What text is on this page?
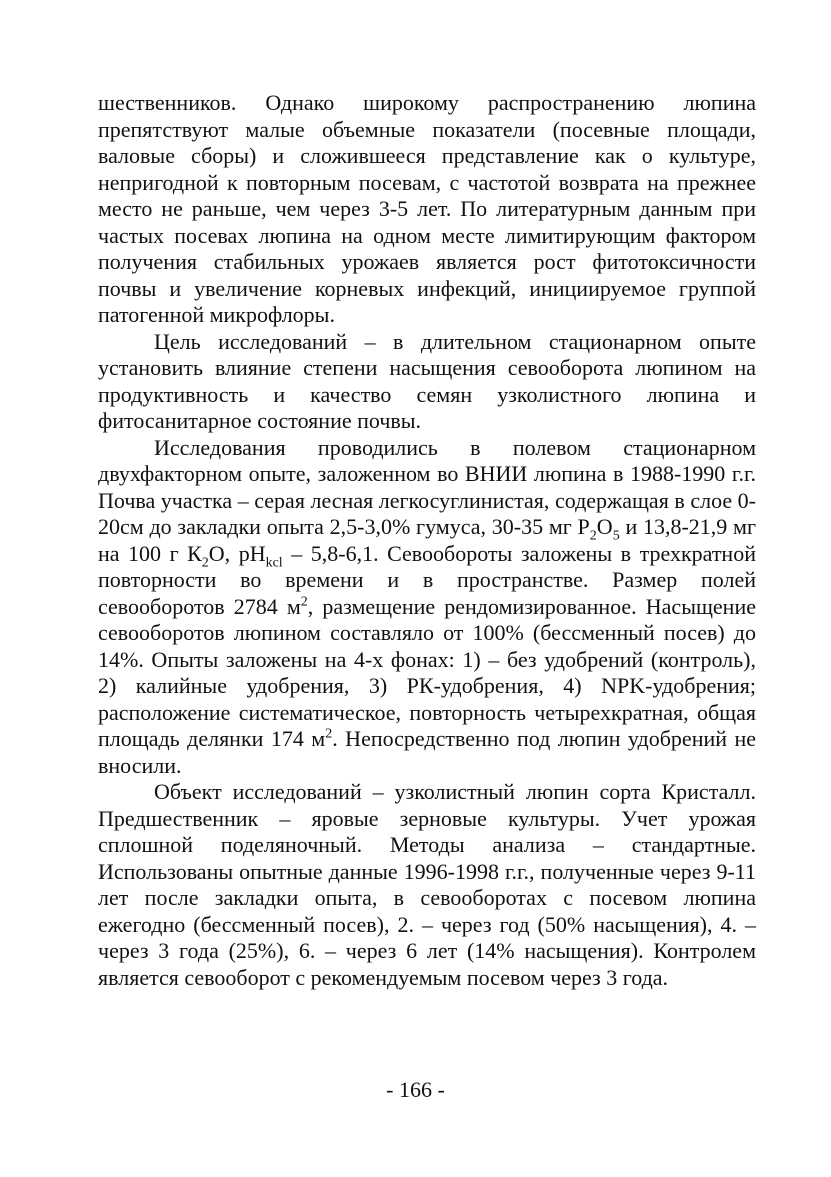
шественников. Однако широкому распространению люпина препятствуют малые объемные показатели (посевные площади, валовые сборы) и сложившееся представление как о культуре, непригодной к повторным посевам, с частотой возврата на прежнее место не раньше, чем через 3-5 лет. По литературным данным при частых посевах люпина на одном месте лимитирующим фактором получения стабильных урожаев является рост фитотоксичности почвы и увеличение корневых инфекций, инициируемое группой патогенной микрофлоры.

Цель исследований – в длительном стационарном опыте установить влияние степени насыщения севооборота люпином на продуктивность и качество семян узколистного люпина и фитосанитарное состояние почвы.

Исследования проводились в полевом стационарном двухфакторном опыте, заложенном во ВНИИ люпина в 1988-1990 г.г. Почва участка – серая лесная легкосуглинистая, содержащая в слое 0-20см до закладки опыта 2,5-3,0% гумуса, 30-35 мг $Р_2О_5$ и 13,8-21,9 мг на 100 г $К_2О$, $рН_{kcl} - 5,8-6,1$. Севообороты заложены в трехкратной повторности во времени и в пространстве. Размер полей севооборотов 2784 $м^2$, размещение рендомизированное. Насыщение севооборотов люпином составляло от 100% (бессменный посев) до 14%. Опыты заложены на 4-х фонах: 1) – без удобрений (контроль), 2) калийные удобрения, 3) РК-удобрения, 4) NPK-удобрения; расположение систематическое, повторность четырехкратная, общая площадь делянки 174 $м^2$. Непосредственно под люпин удобрений не вносили.

Объект исследований – узколистный люпин сорта Кристалл. Предшественник – яровые зерновые культуры. Учет урожая сплошной поделяночный. Методы анализа – стандартные. Использованы опытные данные 1996-1998 г.г., полученные через 9-11 лет после закладки опыта, в севооборотах с посевом люпина ежегодно (бессменный посев), 2. – через год (50% насыщения), 4. – через 3 года (25%), 6. – через 6 лет (14% насыщения). Контролем является севооборот с рекомендуемым посевом через 3 года.

- 166 -
